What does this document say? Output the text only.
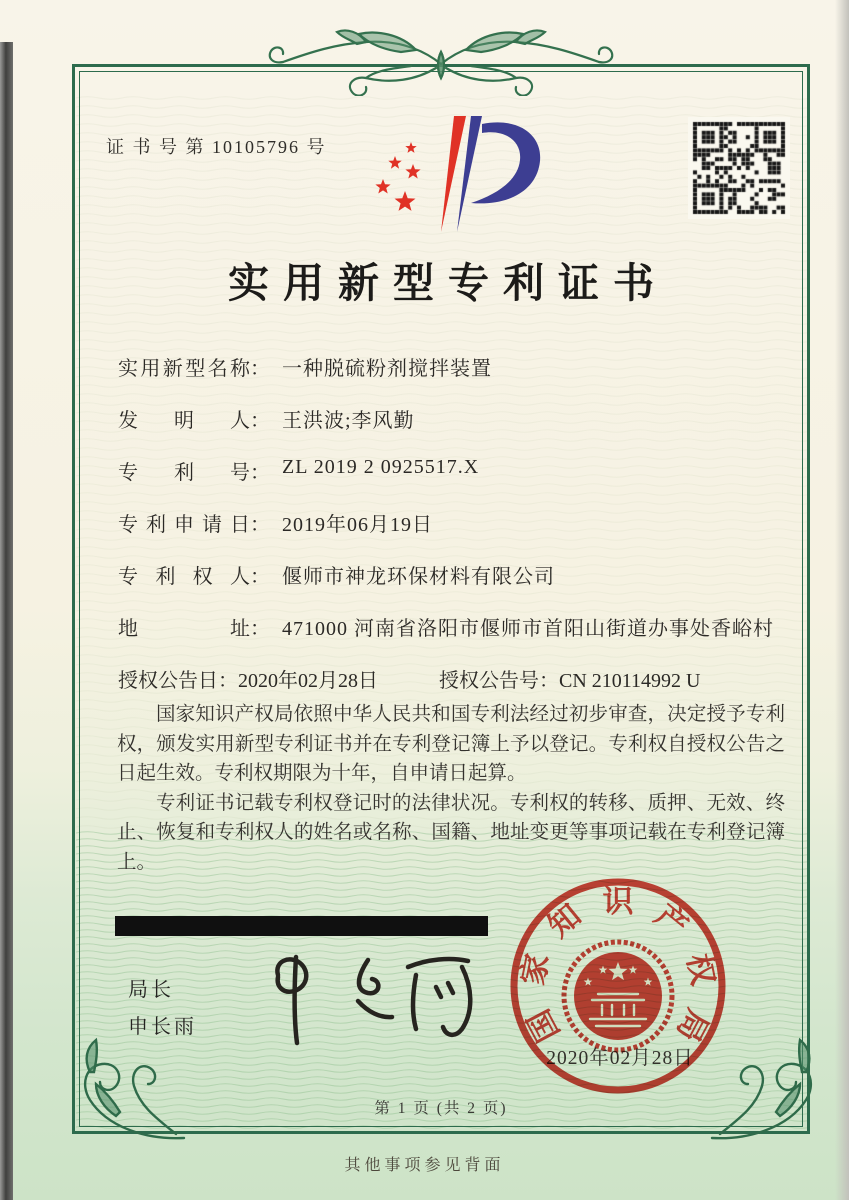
证 书 号 第 10105796 号
实用新型专利证书
实用新型名称： 一种脱硫粉剂搅拌装置
发明人： 王洪波;李风勤
专利号： ZL 2019 2 0925517.X
专利申请日： 2019年06月19日
专利权人： 偃师市神龙环保材料有限公司
地址： 471000 河南省洛阳市偃师市首阳山街道办事处香峪村
授权公告日：2020年02月28日	授权公告号：CN 210114992 U

国家知识产权局依照中华人民共和国专利法经过初步审查，决定授予专利权，颁发实用新型专利证书并在专利登记簿上予以登记。专利权自授权公告之日起生效。专利权期限为十年，自申请日起算。

专利证书记载专利权登记时的法律状况。专利权的转移、质押、无效、终止、恢复和专利权人的姓名或名称、国籍、地址变更等事项记载在专利登记簿上。

局长
申长雨
2020年02月28日
国
家
知 识 产
权
局
第 1 页 (共 2 页)
其他事项参见背面
